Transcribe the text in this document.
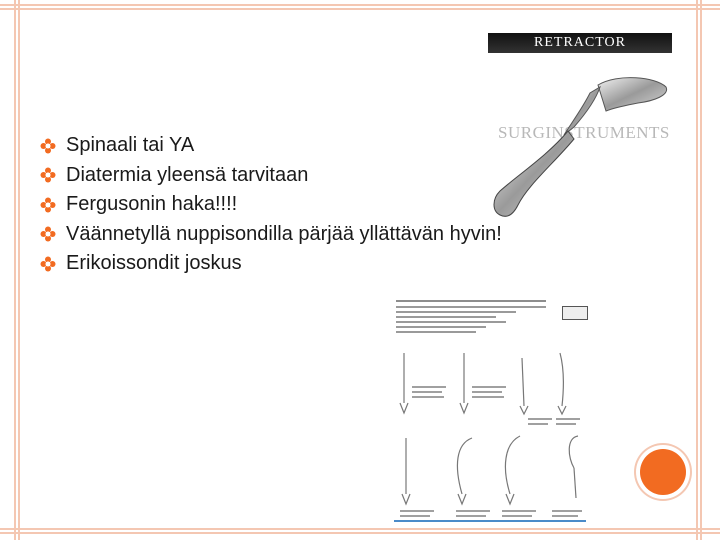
Spinaali tai YA
Diatermia yleensä tarvitaan
Fergusonin haka!!!!
Väännetyllä nuppisondilla pärjää yllättävän hyvin!
Erikoissondit joskus
RETRACTOR
SURGINSTRUMENTS
